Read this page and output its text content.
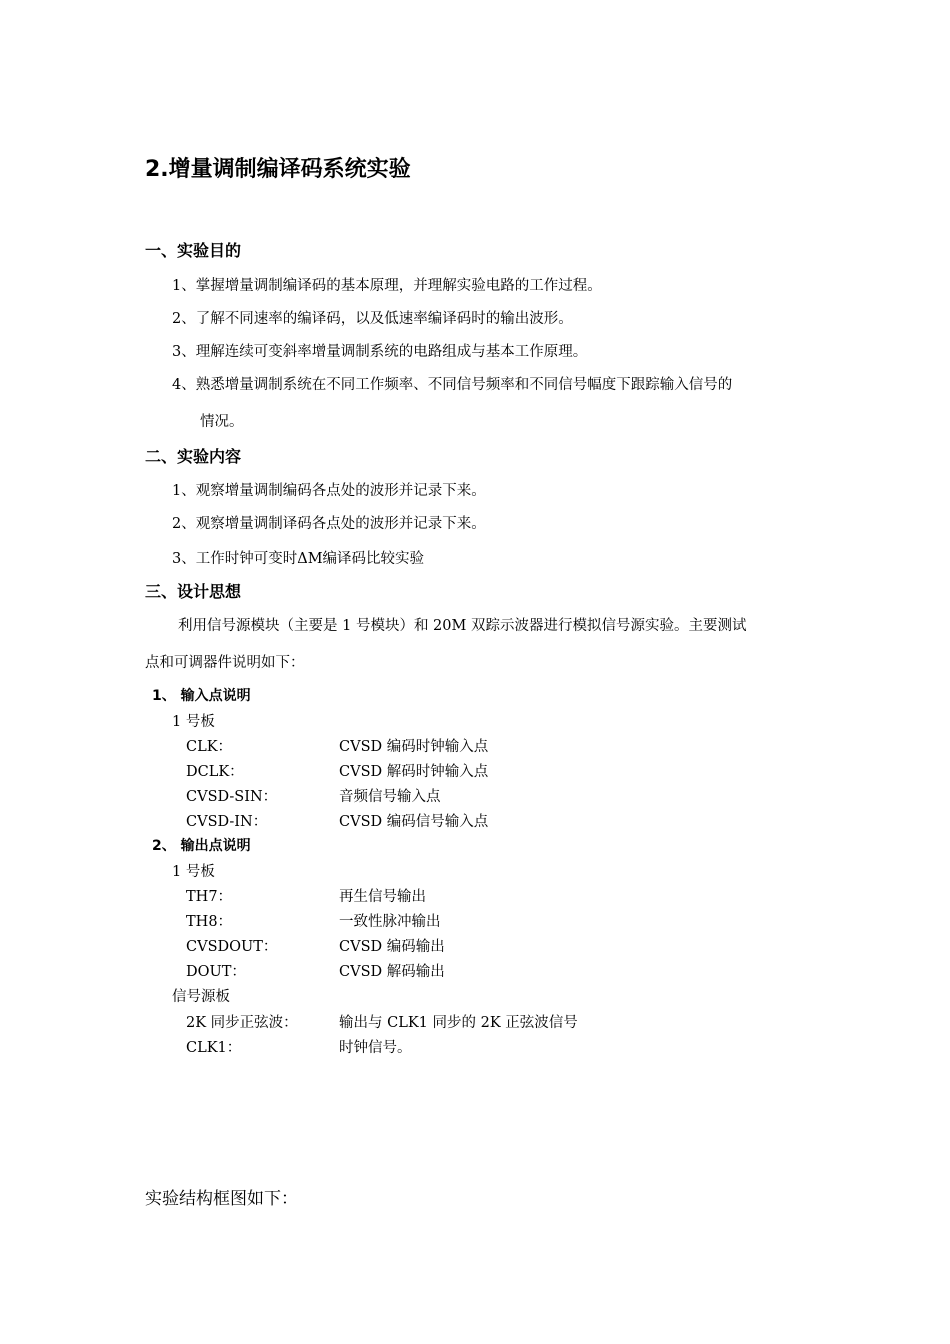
2.增量调制编译码系统实验
一、实验目的
1、掌握增量调制编译码的基本原理，并理解实验电路的工作过程。
2、了解不同速率的编译码，以及低速率编译码时的输出波形。
3、理解连续可变斜率增量调制系统的电路组成与基本工作原理。
4、熟悉增量调制系统在不同工作频率、不同信号频率和不同信号幅度下跟踪输入信号的
情况。
二、实验内容
1、观察增量调制编码各点处的波形并记录下来。
2、观察增量调制译码各点处的波形并记录下来。
3、工作时钟可变时ΔM编译码比较实验
三、设计思想
利用信号源模块（主要是 1 号模块）和 20M 双踪示波器进行模拟信号源实验。主要测试
点和可调器件说明如下：
1、 输入点说明
1 号板
CLK：	CVSD 编码时钟输入点
DCLK：	CVSD 解码时钟输入点
CVSD-SIN：	音频信号输入点
CVSD-IN：	CVSD 编码信号输入点
2、 输出点说明
1 号板
TH7：	再生信号输出
TH8：	一致性脉冲输出
CVSDOUT：	CVSD 编码输出
DOUT：	CVSD 解码输出
信号源板
2K 同步正弦波：	输出与 CLK1 同步的 2K 正弦波信号
CLK1：	时钟信号。
实验结构框图如下：
